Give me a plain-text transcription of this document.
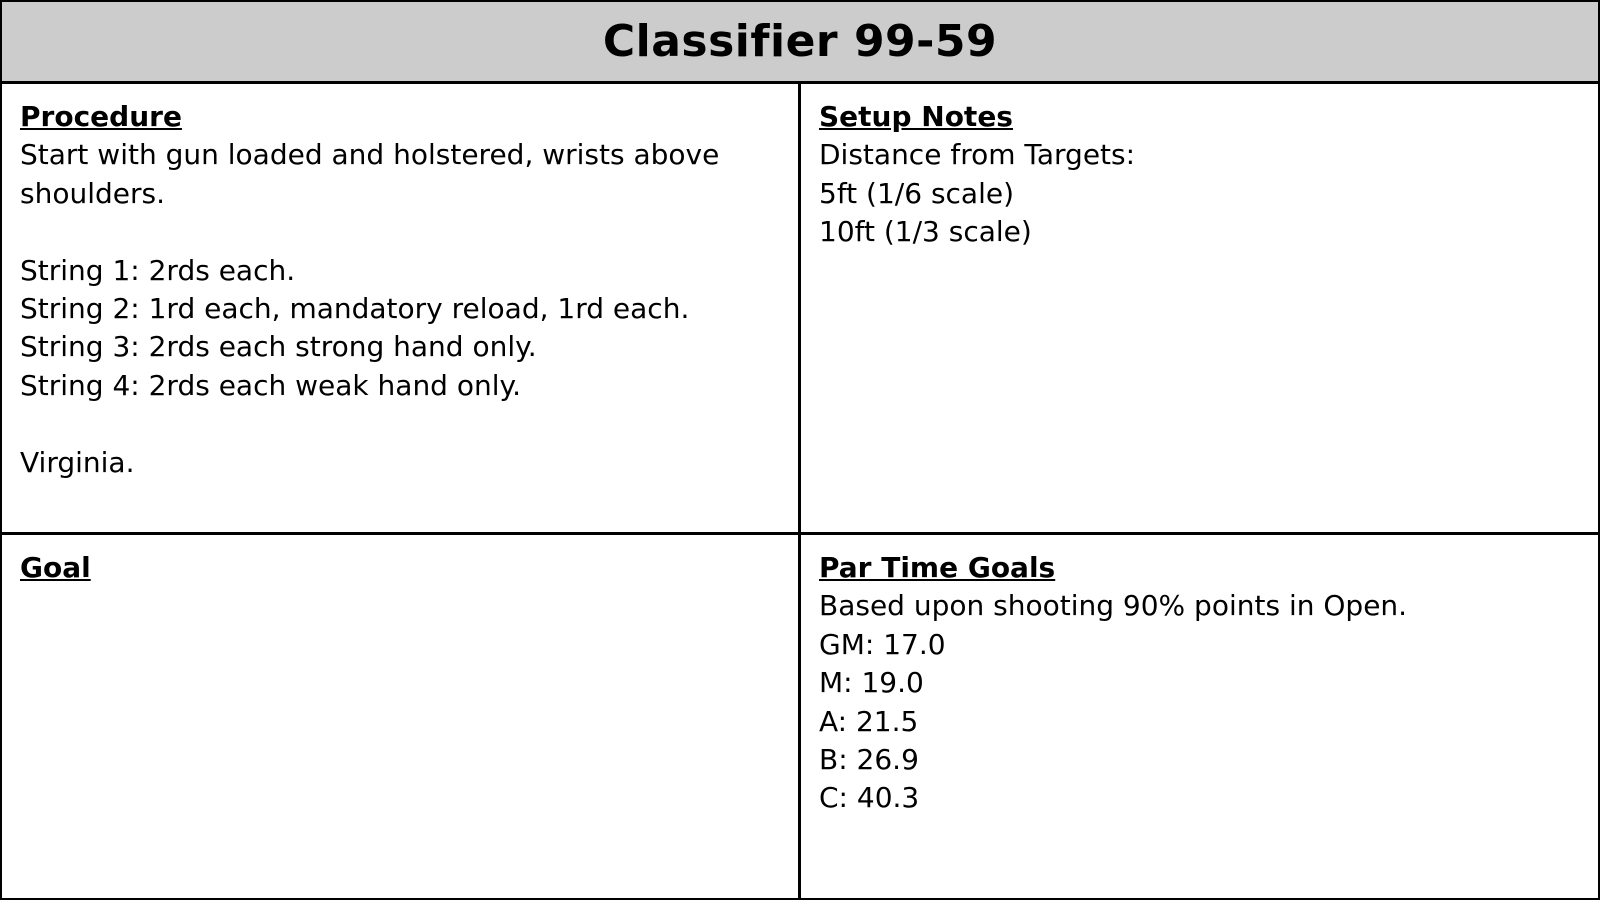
Classifier 99-59
Procedure
Start with gun loaded and holstered, wrists above shoulders.
String 1: 2rds each.
String 2: 1rd each, mandatory reload, 1rd each.
String 3: 2rds each strong hand only.
String 4: 2rds each weak hand only.
Virginia.
Setup Notes
Distance from Targets:
5ft (1/6 scale)
10ft (1/3 scale)
Goal	Par Time Goals
Based upon shooting 90% points in Open.
GM: 17.0
M: 19.0
A: 21.5
B: 26.9
C: 40.3
